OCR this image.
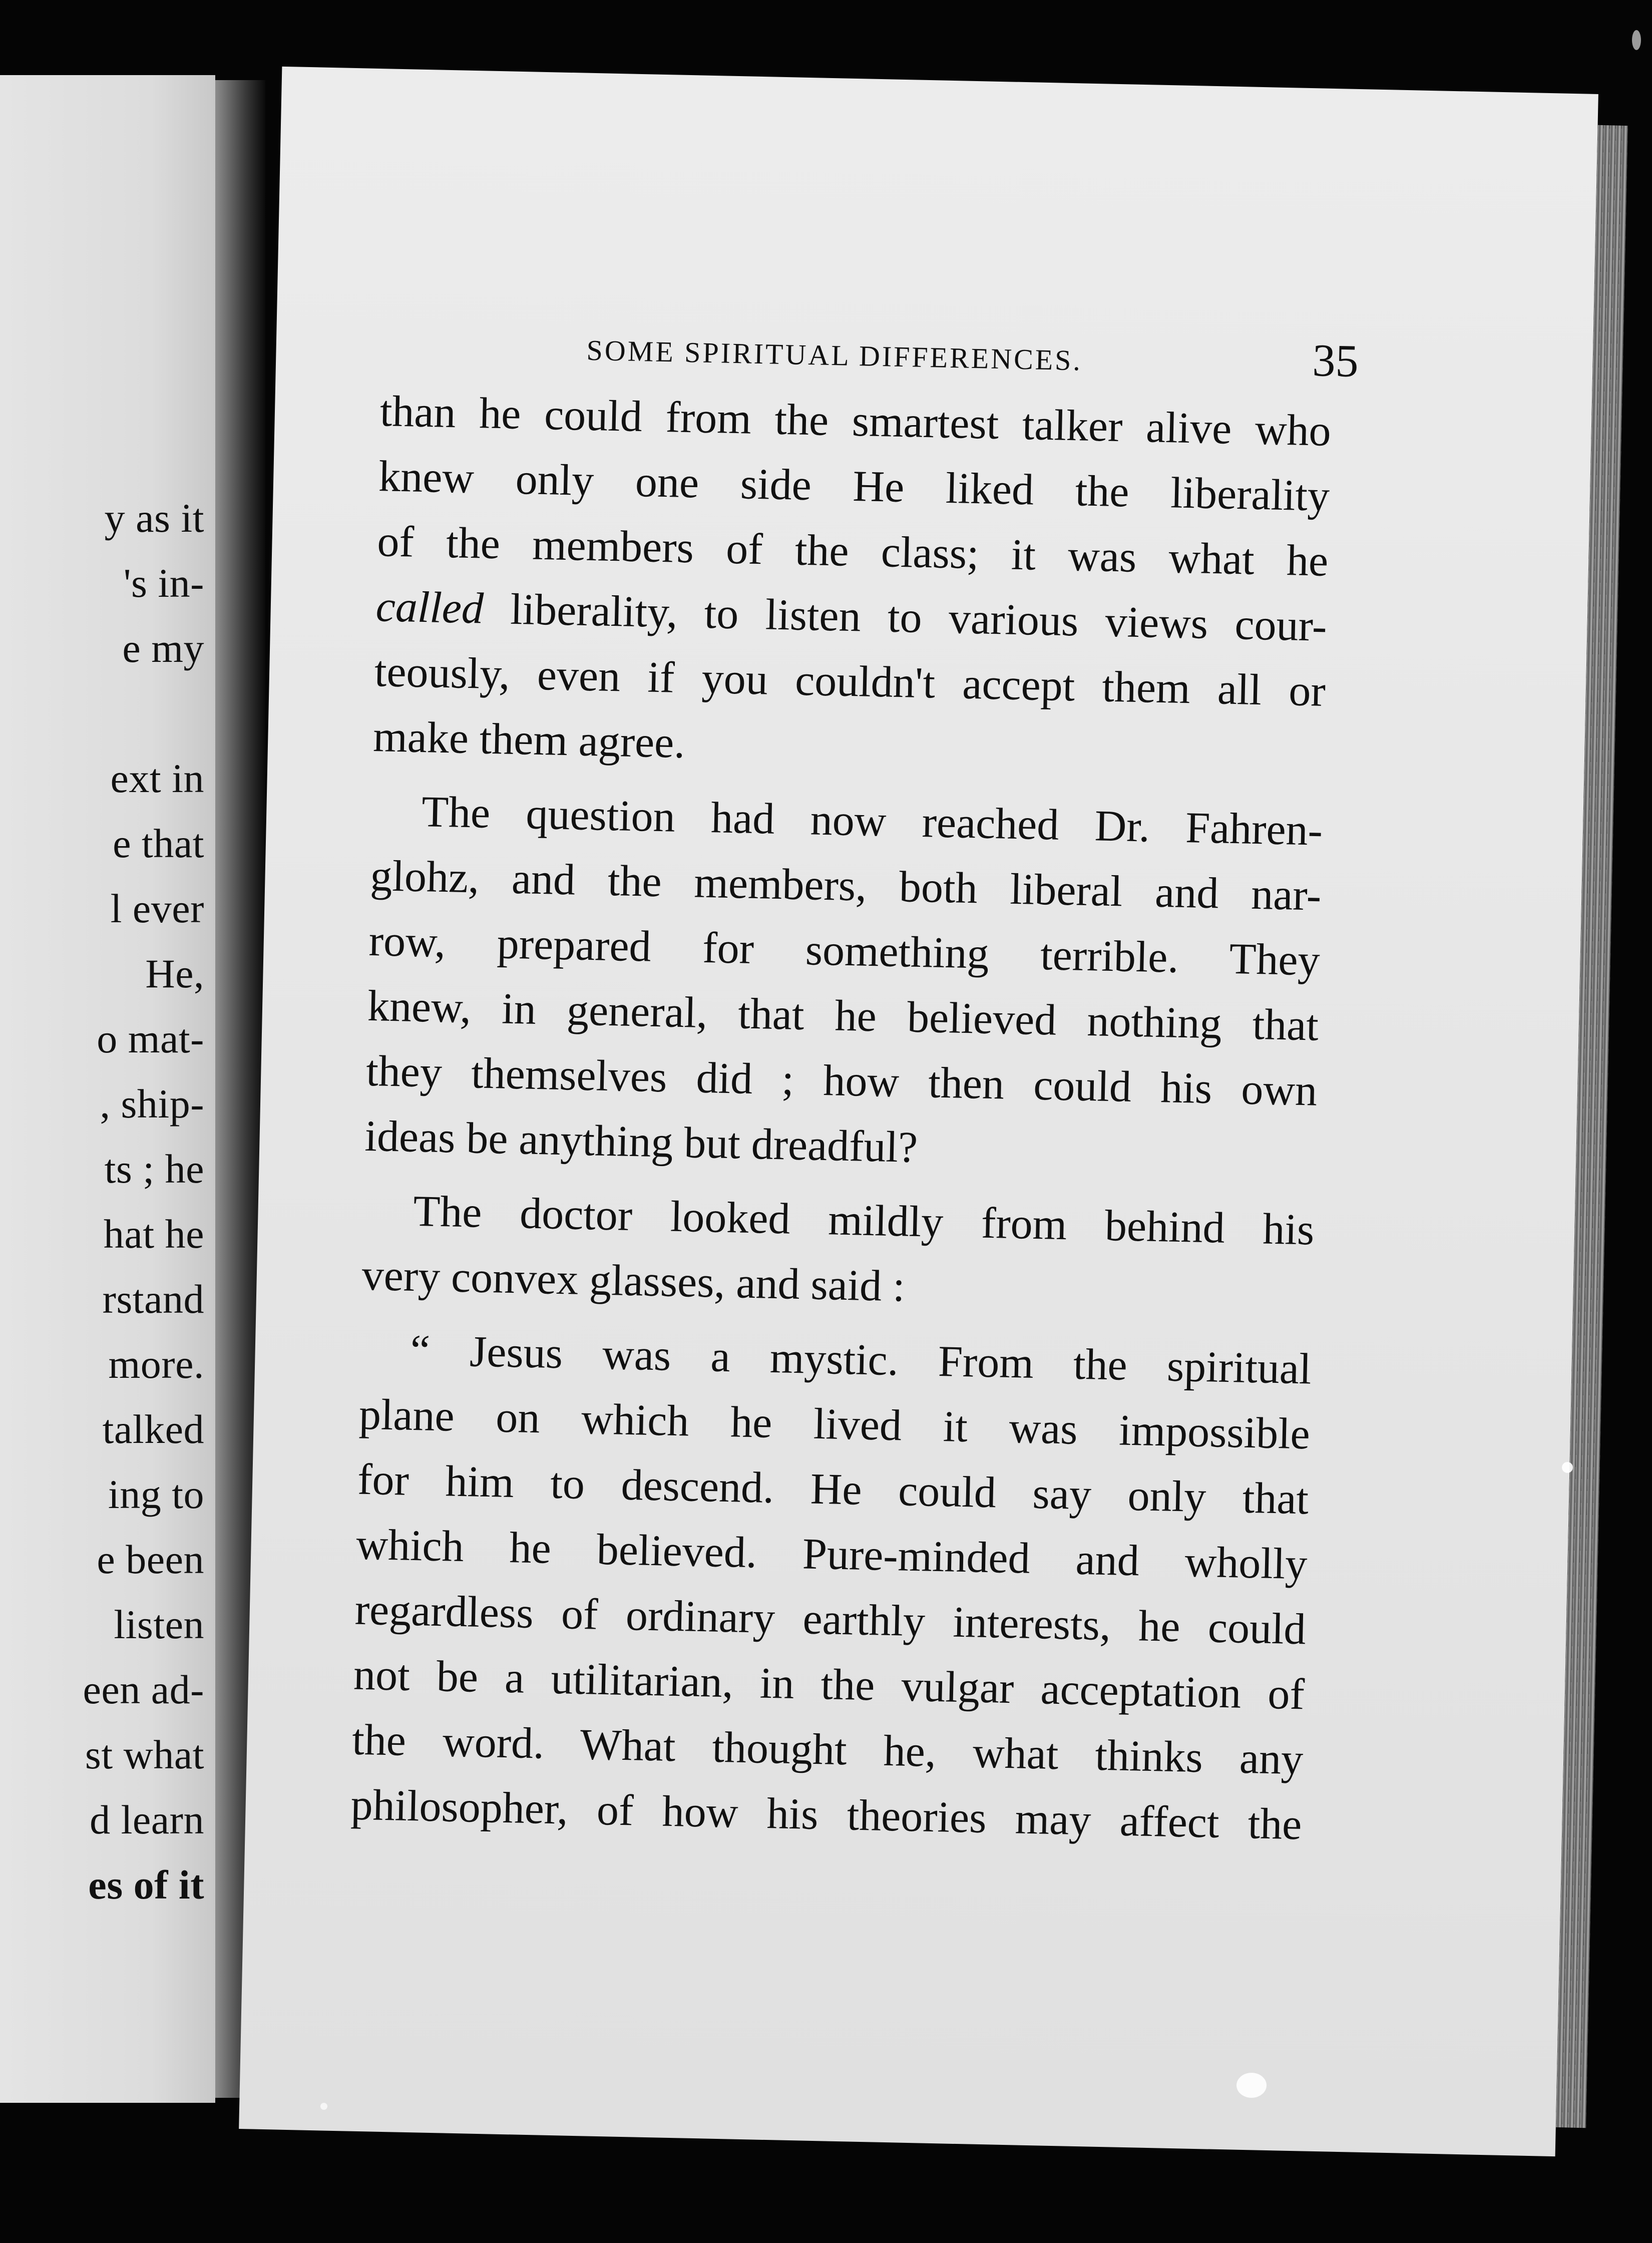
y as it
's in-
e my
ext in
e that
l ever
He,
o mat-
, ship-
ts ; he
hat he
rstand
more.
talked
ing to
e been
listen
een ad-
st what
d learn
es of it
SOME SPIRITUAL DIFFERENCES.	35
than he could from the smartest talker alive who
knew only one side He liked the liberality
of the members of the class; it was what he
called liberality, to listen to various views cour-
teously, even if you couldn't accept them all or
make them agree.
The question had now reached Dr. Fahren-
glohz, and the members, both liberal and nar-
row, prepared for something terrible. They
knew, in general, that he believed nothing that
they themselves did ; how then could his own
ideas be anything but dreadful?
The doctor looked mildly from behind his
very convex glasses, and said :
“ Jesus was a mystic. From the spiritual
plane on which he lived it was impossible
for him to descend. He could say only that
which he believed. Pure-minded and wholly
regardless of ordinary earthly interests, he could
not be a utilitarian, in the vulgar acceptation of
the word. What thought he, what thinks any
philosopher, of how his theories may affect the
